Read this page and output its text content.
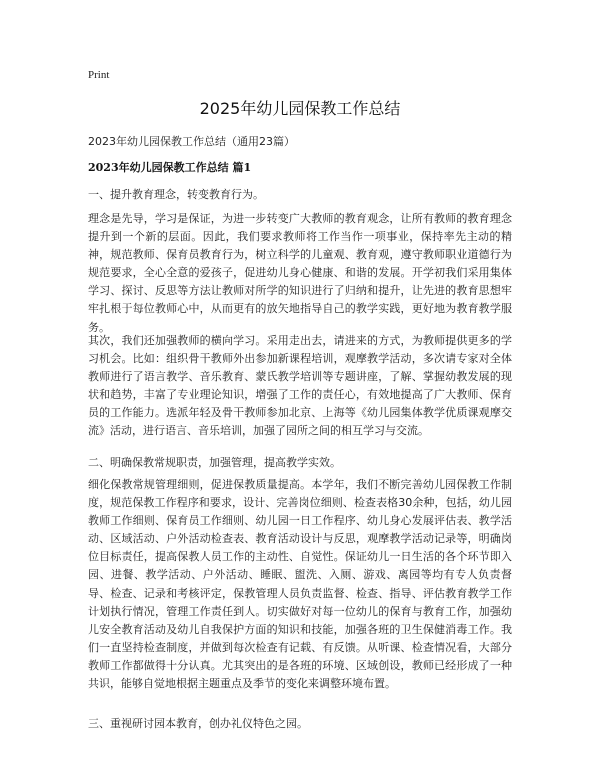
Print
2025年幼儿园保教工作总结
2023年幼儿园保教工作总结（通用23篇）
2023年幼儿园保教工作总结 篇1
一、提升教育理念，转变教育行为。

理念是先导，学习是保证，为进一步转变广大教师的教育观念，让所有教师的教育理念提升到一个新的层面。因此，我们要求教师将工作当作一项事业，保持率先主动的精神，规范教师、保育员教育行为，树立科学的儿童观、教育观，遵守教师职业道德行为规范要求，全心全意的爱孩子，促进幼儿身心健康、和谐的发展。开学初我们采用集体学习、探讨、反思等方法让教师对所学的知识进行了归纳和提升，让先进的教育思想牢牢扎根于每位教师心中，从而更有的放矢地指导自己的教学实践，更好地为教育教学服务。

其次，我们还加强教师的横向学习。采用走出去，请进来的方式，为教师提供更多的学习机会。比如：组织骨干教师外出参加新课程培训，观摩教学活动，多次请专家对全体教师进行了语言教学、音乐教育、蒙氏教学培训等专题讲座，了解、掌握幼教发展的现状和趋势，丰富了专业理论知识，增强了工作的责任心，有效地提高了广大教师、保育员的工作能力。选派年轻及骨干教师参加北京、上海等《幼儿园集体教学优质课观摩交流》活动，进行语言、音乐培训，加强了园所之间的相互学习与交流。

二、明确保教常规职责，加强管理，提高教学实效。

细化保教常规管理细则，促进保教质量提高。本学年，我们不断完善幼儿园保教工作制度，规范保教工作程序和要求，设计、完善岗位细则、检查表格30余种，包括，幼儿园教师工作细则、保育员工作细则、幼儿园一日工作程序、幼儿身心发展评估表、教学活动、区域活动、户外活动检查表、教育活动设计与反思，观摩教学活动记录等，明确岗位目标责任，提高保教人员工作的主动性、自觉性。保证幼儿一日生活的各个环节即入园、进餐、教学活动、户外活动、睡眠、盥洗、入厕、游戏、离园等均有专人负责督导、检查、记录和考核评定，保教管理人员负责监督、检查、指导、评估教育教学工作计划执行情况，管理工作责任到人。切实做好对每一位幼儿的保育与教育工作，加强幼儿安全教育活动及幼儿自我保护方面的知识和技能，加强各班的卫生保健消毒工作。我们一直坚持检查制度，并做到每次检查有记载、有反馈。从听课、检查情况看，大部分教师工作都做得十分认真。尤其突出的是各班的环境、区域创设，教师已经形成了一种共识，能够自觉地根据主题重点及季节的变化来调整环境布置。

三、重视研讨园本教育，创办礼仪特色之园。
